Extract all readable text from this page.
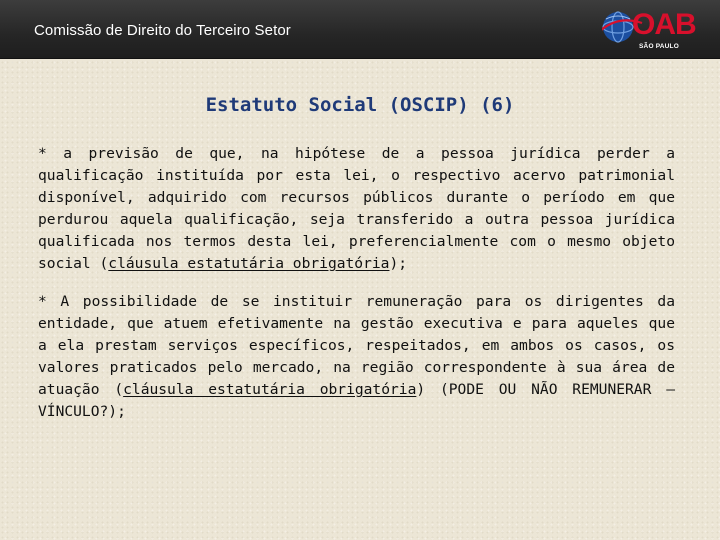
Comissão de Direito do Terceiro Setor	OAB
SÃO PAULO
Estatuto Social (OSCIP) (6)

* a previsão de que, na hipótese de a pessoa jurídica perder a qualificação instituída por esta lei, o respectivo acervo patrimonial disponível, adquirido com recursos públicos durante o período em que perdurou aquela qualificação, seja transferido a outra pessoa jurídica qualificada nos termos desta lei, preferencialmente com o mesmo objeto social (cláusula estatutária obrigatória);

* A possibilidade de se instituir remuneração para os dirigentes da entidade, que atuem efetivamente na gestão executiva e para aqueles que a ela prestam serviços específicos, respeitados, em ambos os casos, os valores praticados pelo mercado, na região correspondente à sua área de atuação (cláusula estatutária obrigatória) (PODE OU NÃO REMUNERAR – VÍNCULO?);
